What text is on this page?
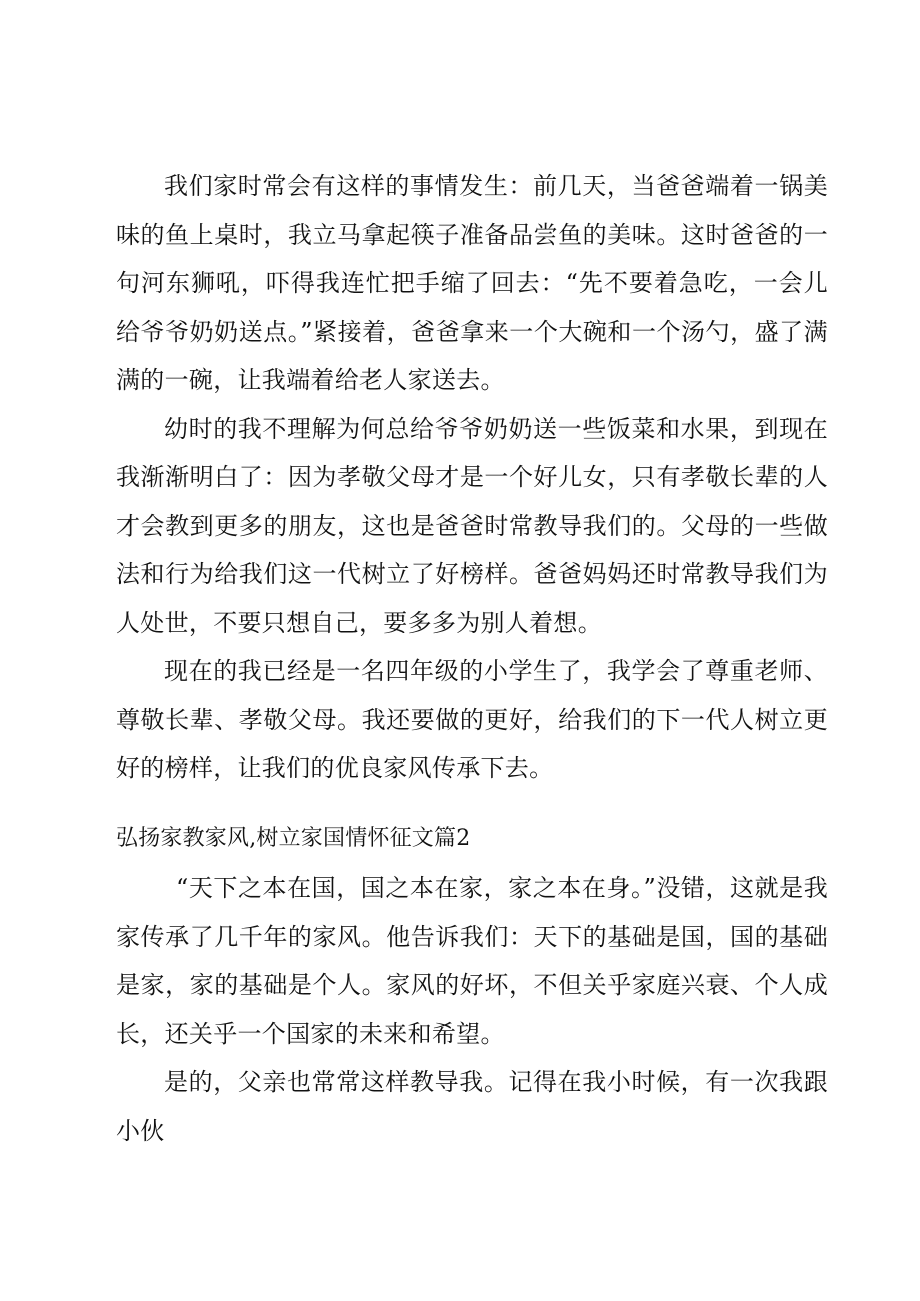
我们家时常会有这样的事情发生：前几天，当爸爸端着一锅美味的鱼上桌时，我立马拿起筷子准备品尝鱼的美味。这时爸爸的一句河东狮吼，吓得我连忙把手缩了回去：“先不要着急吃，一会儿给爷爷奶奶送点。”紧接着，爸爸拿来一个大碗和一个汤勺，盛了满满的一碗，让我端着给老人家送去。

幼时的我不理解为何总给爷爷奶奶送一些饭菜和水果，到现在我渐渐明白了：因为孝敬父母才是一个好儿女，只有孝敬长辈的人才会教到更多的朋友，这也是爸爸时常教导我们的。父母的一些做法和行为给我们这一代树立了好榜样。爸爸妈妈还时常教导我们为人处世，不要只想自己，要多多为别人着想。

现在的我已经是一名四年级的小学生了，我学会了尊重老师、尊敬长辈、孝敬父母。我还要做的更好，给我们的下一代人树立更好的榜样，让我们的优良家风传承下去。

弘扬家教家风,树立家国情怀征文篇2

“天下之本在国，国之本在家，家之本在身。”没错，这就是我家传承了几千年的家风。他告诉我们：天下的基础是国，国的基础是家，家的基础是个人。家风的好坏，不但关乎家庭兴衰、个人成长，还关乎一个国家的未来和希望。

是的，父亲也常常这样教导我。记得在我小时候，有一次我跟小伙
